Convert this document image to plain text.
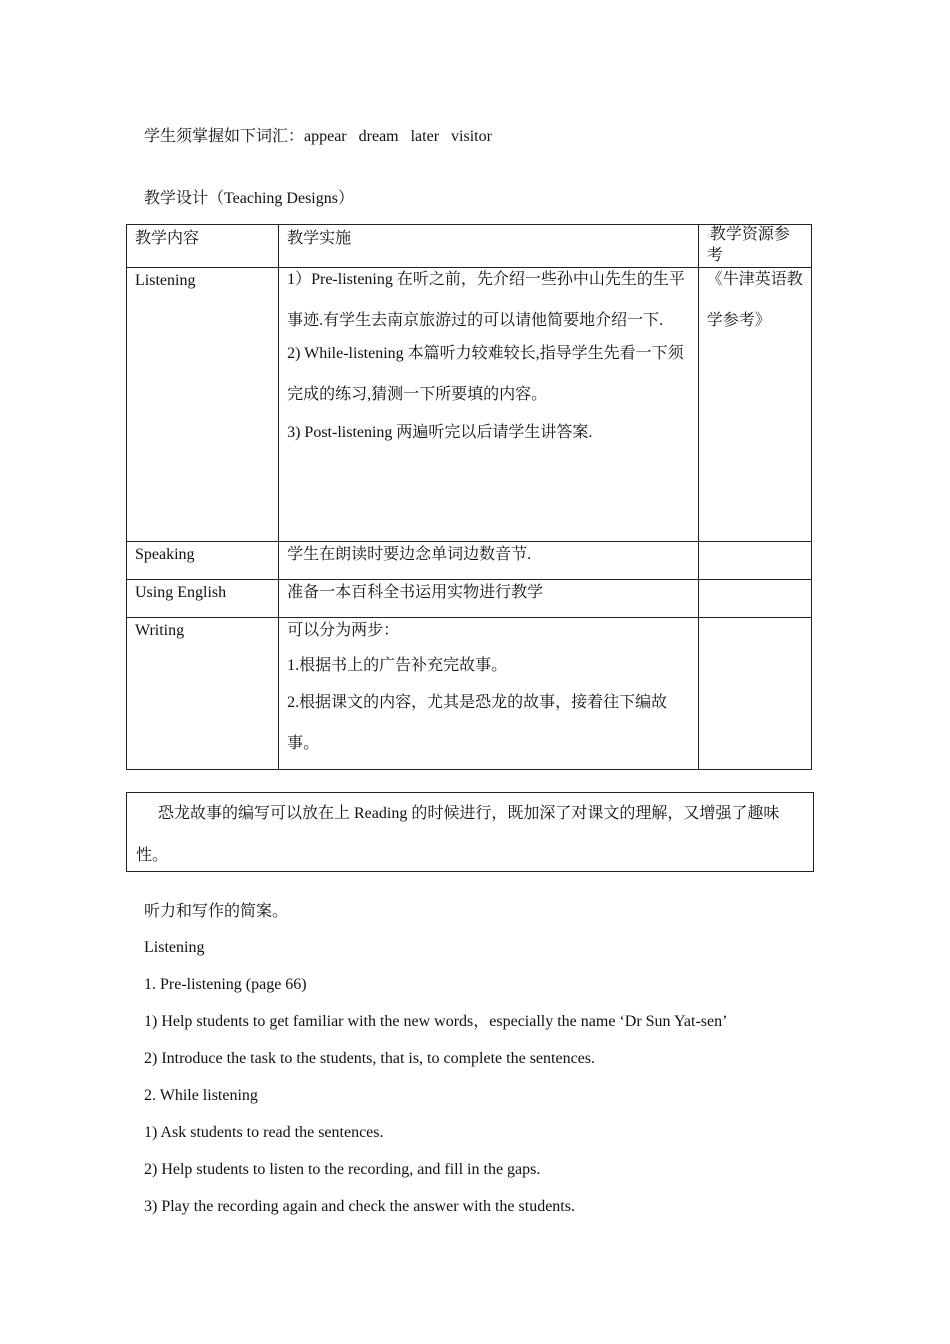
学生须掌握如下词汇：appear   dream   later   visitor
教学设计（Teaching Designs）
教学内容	教学实施	◦教学资源参考
Listening	1）Pre-listening 在听之前，先介绍一些孙中山先生的生平事迹.有学生去南京旅游过的可以请他简要地介绍一下.
2) While-listening 本篇听力较难较长,指导学生先看一下须完成的练习,猜测一下所要填的内容。
3) Post-listening 两遍听完以后请学生讲答案.	《牛津英语教学参考》

Speaking	学生在朗读时要边念单词边数音节.	
Using English	准备一本百科全书运用实物进行教学	
Writing	可以分为两步：
1.根据书上的广告补充完故事。
2.根据课文的内容，尤其是恐龙的故事，接着往下编故事。	

恐龙故事的编写可以放在上 Reading 的时候进行，既加深了对课文的理解，又增强了趣味性。
听力和写作的简案。
Listening
1. Pre-listening (page 66)
1) Help students to get familiar with the new words，especially the name ‘Dr Sun Yat-sen’
2) Introduce the task to the students, that is, to complete the sentences.
2. While listening
1) Ask students to read the sentences.
2) Help students to listen to the recording, and fill in the gaps.
3) Play the recording again and check the answer with the students.
